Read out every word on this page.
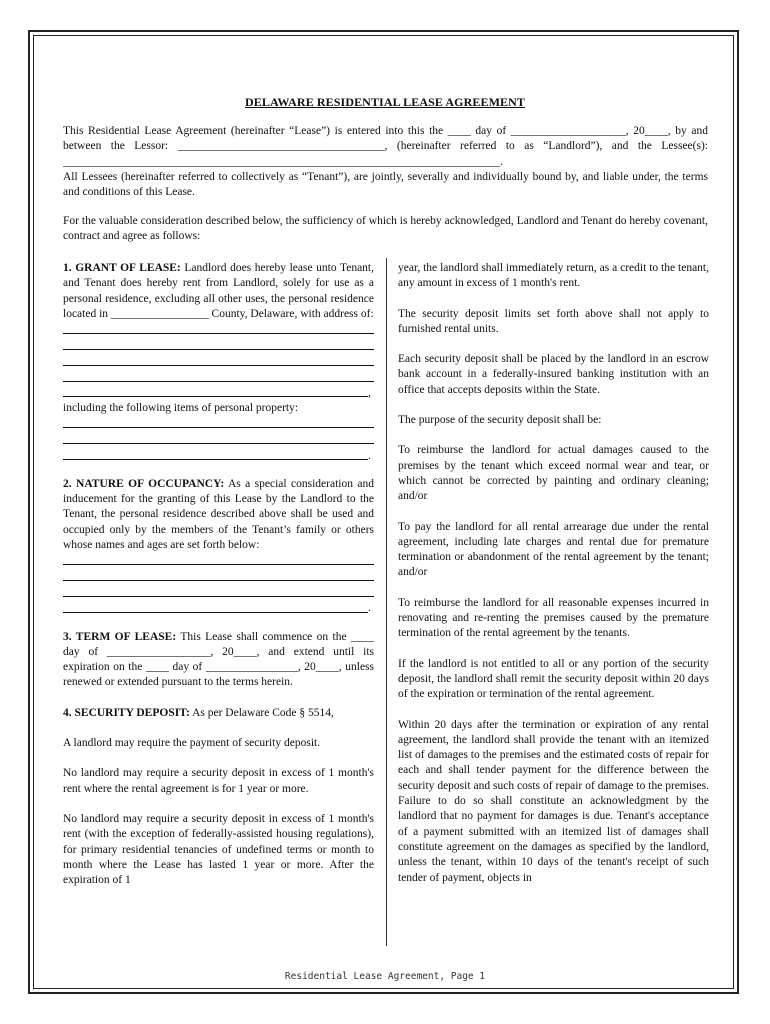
DELAWARE RESIDENTIAL LEASE AGREEMENT

This Residential Lease Agreement (hereinafter “Lease”) is entered into this the ____ day of ____________________, 20____, by and between the Lessor: ____________________________________, (hereinafter referred to as “Landlord”), and the Lessee(s): ____________________________________________________________________________.

All Lessees (hereinafter referred to collectively as “Tenant”), are jointly, severally and individually bound by, and liable under, the terms and conditions of this Lease.

For the valuable consideration described below, the sufficiency of which is hereby acknowledged, Landlord and Tenant do hereby covenant, contract and agree as follows:

1. GRANT OF LEASE: Landlord does hereby lease unto Tenant, and Tenant does hereby rent from Landlord, solely for use as a personal residence, excluding all other uses, the personal residence located in _________________ County, Delaware, with address of:

,

including the following items of personal property:

.

2. NATURE OF OCCUPANCY: As a special consideration and inducement for the granting of this Lease by the Landlord to the Tenant, the personal residence described above shall be used and occupied only by the members of the Tenant’s family or others whose names and ages are set forth below:

.

3. TERM OF LEASE: This Lease shall commence on the ____ day of __________________, 20____, and extend until its expiration on the ____ day of ________________, 20____, unless renewed or extended pursuant to the terms herein.

4. SECURITY DEPOSIT: As per Delaware Code § 5514,

A landlord may require the payment of security deposit.

No landlord may require a security deposit in excess of 1 month's rent where the rental agreement is for 1 year or more.

No landlord may require a security deposit in excess of 1 month's rent (with the exception of federally-assisted housing regulations), for primary residential tenancies of undefined terms or month to month where the Lease has lasted 1 year or more. After the expiration of 1

year, the landlord shall immediately return, as a credit to the tenant, any amount in excess of 1 month's rent.

The security deposit limits set forth above shall not apply to furnished rental units.

Each security deposit shall be placed by the landlord in an escrow bank account in a federally-insured banking institution with an office that accepts deposits within the State.

The purpose of the security deposit shall be:

To reimburse the landlord for actual damages caused to the premises by the tenant which exceed normal wear and tear, or which cannot be corrected by painting and ordinary cleaning; and/or

To pay the landlord for all rental arrearage due under the rental agreement, including late charges and rental due for premature termination or abandonment of the rental agreement by the tenant; and/or

To reimburse the landlord for all reasonable expenses incurred in renovating and re-renting the premises caused by the premature termination of the rental agreement by the tenants.

If the landlord is not entitled to all or any portion of the security deposit, the landlord shall remit the security deposit within 20 days of the expiration or termination of the rental agreement.

Within 20 days after the termination or expiration of any rental agreement, the landlord shall provide the tenant with an itemized list of damages to the premises and the estimated costs of repair for each and shall tender payment for the difference between the security deposit and such costs of repair of damage to the premises. Failure to do so shall constitute an acknowledgment by the landlord that no payment for damages is due. Tenant's acceptance of a payment submitted with an itemized list of damages shall constitute agreement on the damages as specified by the landlord, unless the tenant, within 10 days of the tenant's receipt of such tender of payment, objects in

Residential Lease Agreement, Page 1
